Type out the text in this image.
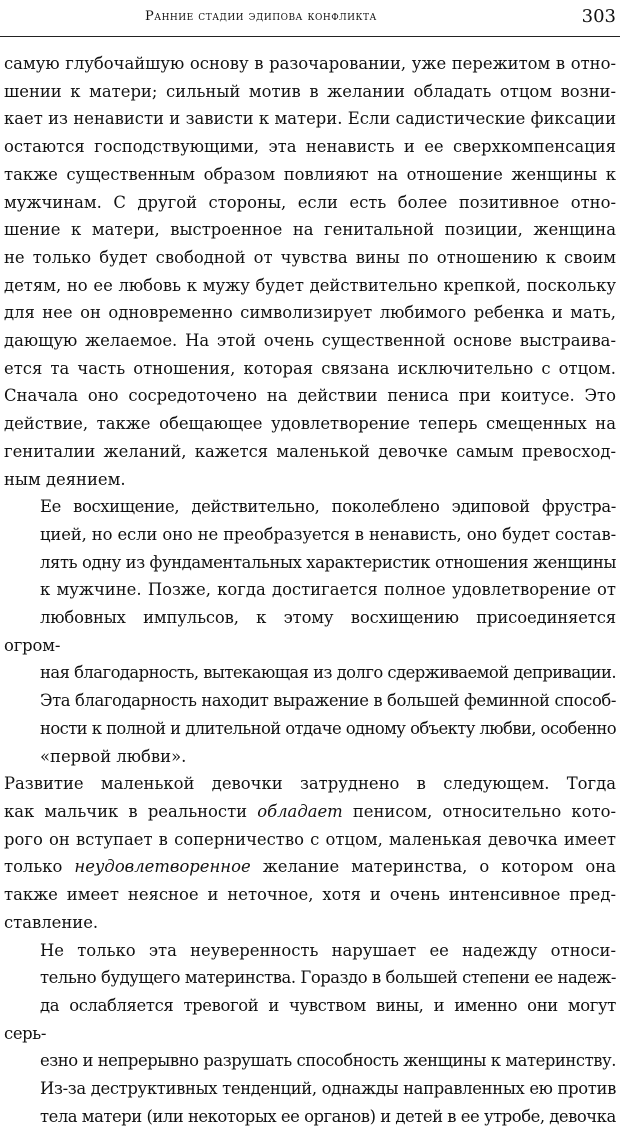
Ранние стадии эдипова конфликта	303
самую глубочайшую основу в разочаровании, уже пережитом в отно-
шении к матери; сильный мотив в желании обладать отцом возни-
кает из ненависти и зависти к матери. Если садистические фиксации
остаются господствующими, эта ненависть и ее сверхкомпенсация
также существенным образом повлияют на отношение женщины к
мужчинам. С другой стороны, если есть более позитивное отно-
шение к матери, выстроенное на генитальной позиции, женщина
не только будет свободной от чувства вины по отношению к своим
детям, но ее любовь к мужу будет действительно крепкой, поскольку
для нее он одновременно символизирует любимого ребенка и мать,
дающую желаемое. На этой очень существенной основе выстраива-
ется та часть отношения, которая связана исключительно с отцом.
Сначала оно сосредоточено на действии пениса при коитусе. Это
действие, также обещающее удовлетворение теперь смещенных на
гениталии желаний, кажется маленькой девочке самым превосход-
ным деянием.
Ее восхищение, действительно, поколеблено эдиповой фрустра-
цией, но если оно не преобразуется в ненависть, оно будет состав-
лять одну из фундаментальных характеристик отношения женщины
к мужчине. Позже, когда достигается полное удовлетворение от
любовных импульсов, к этому восхищению присоединяется огром-
ная благодарность, вытекающая из долго сдерживаемой депривации.
Эта благодарность находит выражение в большей феминной способ-
ности к полной и длительной отдаче одному объекту любви, особенно
«первой любви».
Развитие маленькой девочки затруднено в следующем. Тогда
как мальчик в реальности обладает пенисом, относительно кото-
рого он вступает в соперничество с отцом, маленькая девочка имеет
только неудовлетворенное желание материнства, о котором она
также имеет неясное и неточное, хотя и очень интенсивное пред-
ставление.
Не только эта неуверенность нарушает ее надежду относи-
тельно будущего материнства. Гораздо в большей степени ее надеж-
да ослабляется тревогой и чувством вины, и именно они могут серь-
езно и непрерывно разрушать способность женщины к материнству.
Из-за деструктивных тенденций, однажды направленных ею против
тела матери (или некоторых ее органов) и детей в ее утробе, девочка
